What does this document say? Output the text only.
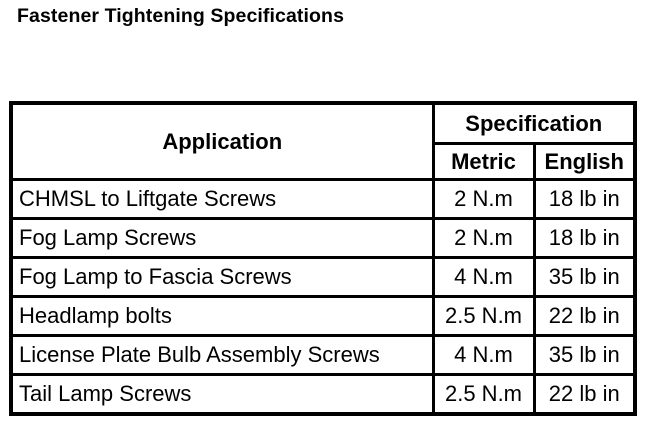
Fastener Tightening Specifications
Application	Specification	
	Metric	English
CHMSL to Liftgate Screws	2 N.m	18 lb in
Fog Lamp Screws	2 N.m	18 lb in
Fog Lamp to Fascia Screws	4 N.m	35 lb in
Headlamp bolts	2.5 N.m	22 lb in
License Plate Bulb Assembly Screws	4 N.m	35 lb in
Tail Lamp Screws	2.5 N.m	22 lb in
